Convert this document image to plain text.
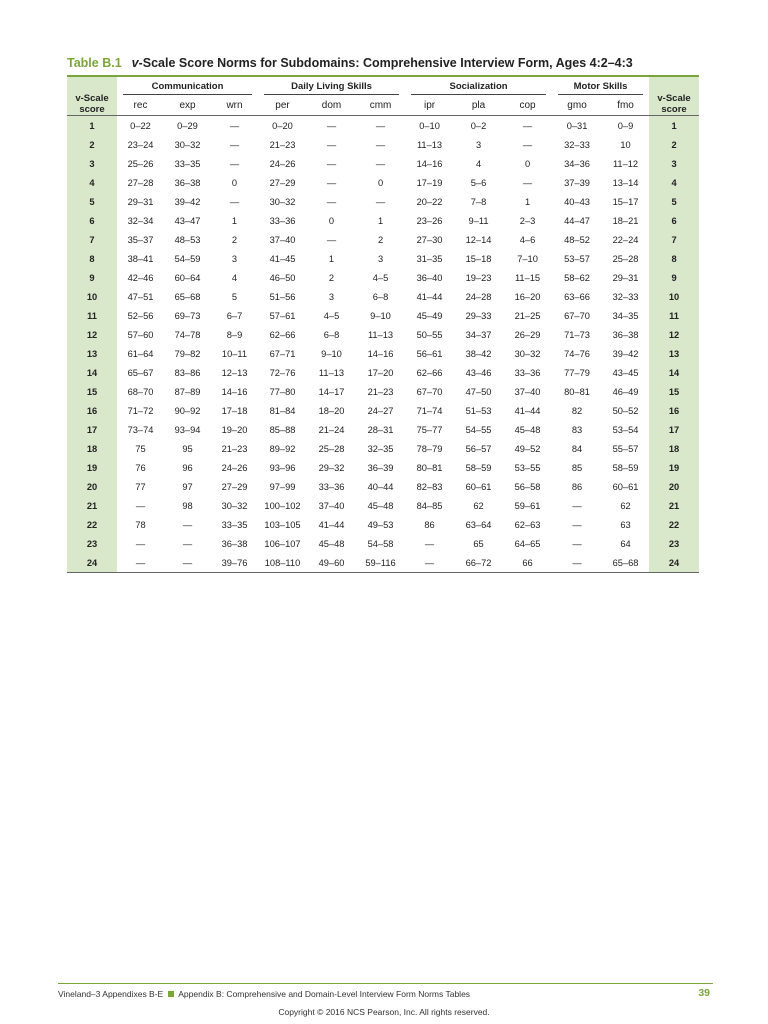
Table B.1 v-Scale Score Norms for Subdomains: Comprehensive Interview Form, Ages 4:2–4:3
v-Scale
score	Communication			Daily Living Skills			Socialization			Motor Skills		v-Scale
score
	rec	exp	wrn	per	dom	cmm	ipr	pla	cop	gmo	fmo	
1	0–22	0–29	—	0–20	—	—	0–10	0–2	—	0–31	0–9	1
2	23–24	30–32	—	21–23	—	—	11–13	3	—	32–33	10	2
3	25–26	33–35	—	24–26	—	—	14–16	4	0	34–36	11–12	3
4	27–28	36–38	0	27–29	—	0	17–19	5–6	—	37–39	13–14	4
5	29–31	39–42	—	30–32	—	—	20–22	7–8	1	40–43	15–17	5
6	32–34	43–47	1	33–36	0	1	23–26	9–11	2–3	44–47	18–21	6
7	35–37	48–53	2	37–40	—	2	27–30	12–14	4–6	48–52	22–24	7
8	38–41	54–59	3	41–45	1	3	31–35	15–18	7–10	53–57	25–28	8
9	42–46	60–64	4	46–50	2	4–5	36–40	19–23	11–15	58–62	29–31	9
10	47–51	65–68	5	51–56	3	6–8	41–44	24–28	16–20	63–66	32–33	10
11	52–56	69–73	6–7	57–61	4–5	9–10	45–49	29–33	21–25	67–70	34–35	11
12	57–60	74–78	8–9	62–66	6–8	11–13	50–55	34–37	26–29	71–73	36–38	12
13	61–64	79–82	10–11	67–71	9–10	14–16	56–61	38–42	30–32	74–76	39–42	13
14	65–67	83–86	12–13	72–76	11–13	17–20	62–66	43–46	33–36	77–79	43–45	14
15	68–70	87–89	14–16	77–80	14–17	21–23	67–70	47–50	37–40	80–81	46–49	15
16	71–72	90–92	17–18	81–84	18–20	24–27	71–74	51–53	41–44	82	50–52	16
17	73–74	93–94	19–20	85–88	21–24	28–31	75–77	54–55	45–48	83	53–54	17
18	75	95	21–23	89–92	25–28	32–35	78–79	56–57	49–52	84	55–57	18
19	76	96	24–26	93–96	29–32	36–39	80–81	58–59	53–55	85	58–59	19
20	77	97	27–29	97–99	33–36	40–44	82–83	60–61	56–58	86	60–61	20
21	—	98	30–32	100–102	37–40	45–48	84–85	62	59–61	—	62	21
22	78	—	33–35	103–105	41–44	49–53	86	63–64	62–63	—	63	22
23	—	—	36–38	106–107	45–48	54–58	—	65	64–65	—	64	23
24	—	—	39–76	108–110	49–60	59–116	—	66–72	66	—	65–68	24
Vineland–3 Appendixes B-E Appendix B: Comprehensive and Domain-Level Interview Form Norms Tables	39
Copyright © 2016 NCS Pearson, Inc. All rights reserved.
